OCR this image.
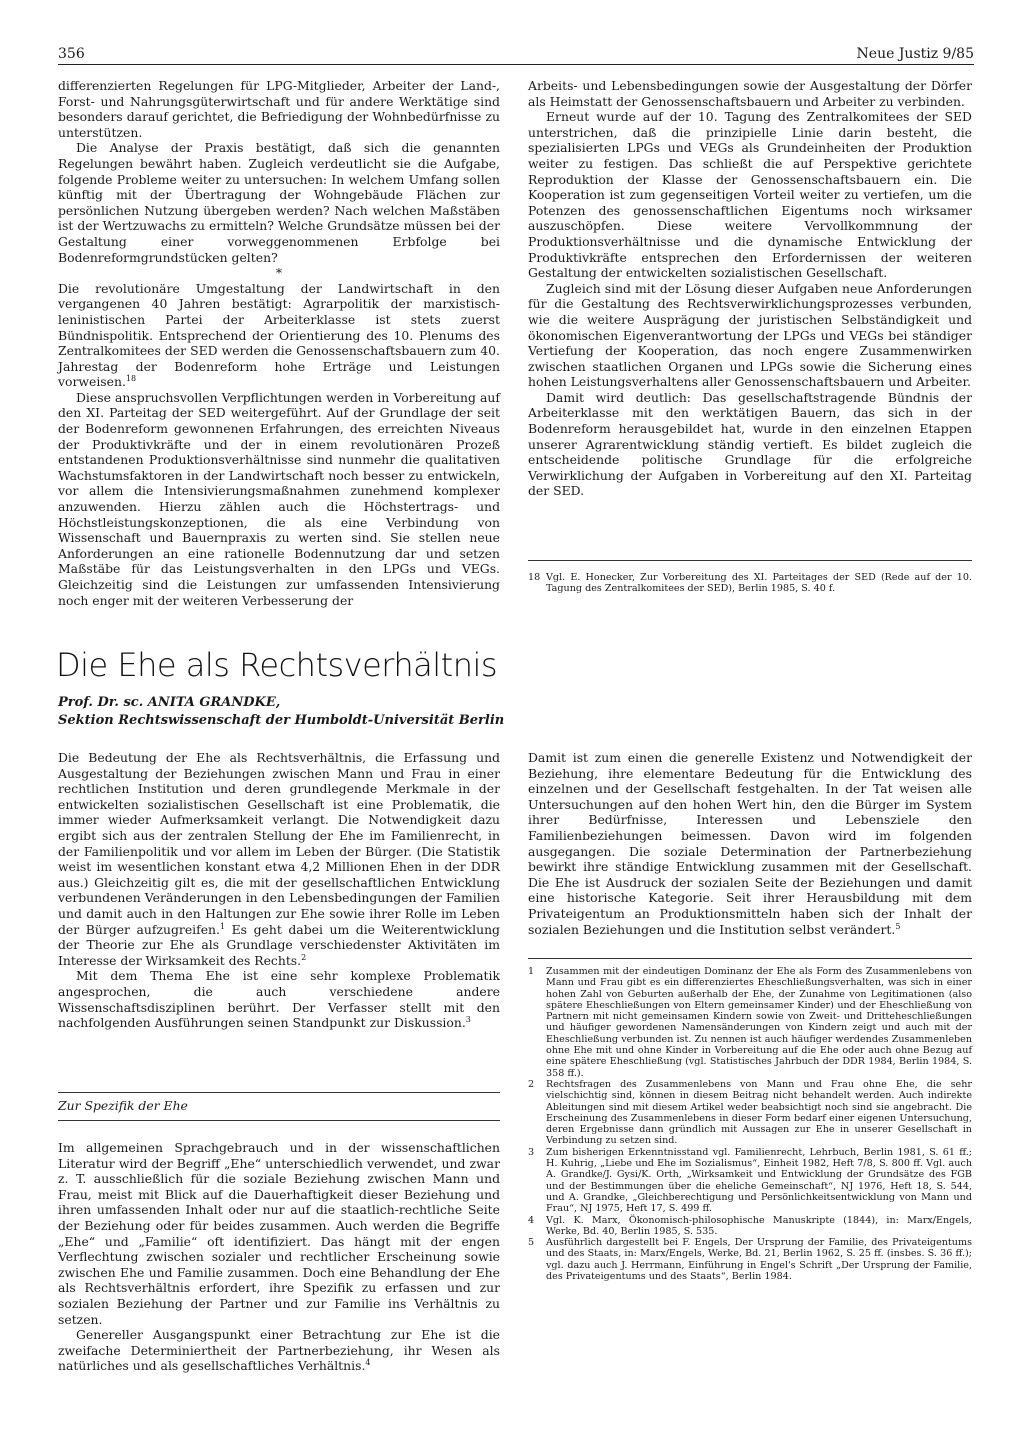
356	Neue Justiz 9/85

differenzierten Regelungen für LPG-Mitglieder, Arbeiter der Land-, Forst- und Nahrungsgüterwirtschaft und für andere Werktätige sind besonders darauf gerichtet, die Befriedigung der Wohnbedürfnisse zu unterstützen.

Die Analyse der Praxis bestätigt, daß sich die genannten Regelungen bewährt haben. Zugleich verdeutlicht sie die Aufgabe, folgende Probleme weiter zu untersuchen: In welchem Umfang sollen künftig mit der Übertragung der Wohngebäude Flächen zur persönlichen Nutzung übergeben werden? Nach welchen Maßstäben ist der Wertzuwachs zu ermitteln? Welche Grundsätze müssen bei der Gestaltung einer vorweggenommenen Erbfolge bei Bodenreformgrundstücken gelten?

*

Die revolutionäre Umgestaltung der Landwirtschaft in den vergangenen 40 Jahren bestätigt: Agrarpolitik der marxistisch-leninistischen Partei der Arbeiterklasse ist stets zuerst Bündnispolitik. Entsprechend der Orientierung des 10. Plenums des Zentralkomitees der SED werden die Genossenschaftsbauern zum 40. Jahrestag der Bodenreform hohe Erträge und Leistungen vorweisen.$^{18}$

Diese anspruchsvollen Verpflichtungen werden in Vorbereitung auf den XI. Parteitag der SED weitergeführt. Auf der Grundlage der seit der Bodenreform gewonnenen Erfahrungen, des erreichten Niveaus der Produktivkräfte und der in einem revolutionären Prozeß entstandenen Produktionsverhältnisse sind nunmehr die qualitativen Wachstumsfaktoren in der Landwirtschaft noch besser zu entwickeln, vor allem die Intensivierungsmaßnahmen zunehmend komplexer anzuwenden. Hierzu zählen auch die Höchstertrags- und Höchstleistungskonzeptionen, die als eine Verbindung von Wissenschaft und Bauernpraxis zu werten sind. Sie stellen neue Anforderungen an eine rationelle Bodennutzung dar und setzen Maßstäbe für das Leistungsverhalten in den LPGs und VEGs. Gleichzeitig sind die Leistungen zur umfassenden Intensivierung noch enger mit der weiteren Verbesserung der

Arbeits- und Lebensbedingungen sowie der Ausgestaltung der Dörfer als Heimstatt der Genossenschaftsbauern und Arbeiter zu verbinden.

Erneut wurde auf der 10. Tagung des Zentralkomitees der SED unterstrichen, daß die prinzipielle Linie darin besteht, die spezialisierten LPGs und VEGs als Grundeinheiten der Produktion weiter zu festigen. Das schließt die auf Perspektive gerichtete Reproduktion der Klasse der Genossenschaftsbauern ein. Die Kooperation ist zum gegenseitigen Vorteil weiter zu vertiefen, um die Potenzen des genossenschaftlichen Eigentums noch wirksamer auszuschöpfen. Diese weitere Vervollkommnung der Produktionsverhältnisse und die dynamische Entwicklung der Produktivkräfte entsprechen den Erfordernissen der weiteren Gestaltung der entwickelten sozialistischen Gesellschaft.

Zugleich sind mit der Lösung dieser Aufgaben neue Anforderungen für die Gestaltung des Rechtsverwirklichungsprozesses verbunden, wie die weitere Ausprägung der juristischen Selbständigkeit und ökonomischen Eigenverantwortung der LPGs und VEGs bei ständiger Vertiefung der Kooperation, das noch engere Zusammenwirken zwischen staatlichen Organen und LPGs sowie die Sicherung eines hohen Leistungsverhaltens aller Genossenschaftsbauern und Arbeiter.

Damit wird deutlich: Das gesellschaftstragende Bündnis der Arbeiterklasse mit den werktätigen Bauern, das sich in der Bodenreform herausgebildet hat, wurde in den einzelnen Etappen unserer Agrarentwicklung ständig vertieft. Es bildet zugleich die entscheidende politische Grundlage für die erfolgreiche Verwirklichung der Aufgaben in Vorbereitung auf den XI. Parteitag der SED.

18 Vgl. E. Honecker, Zur Vorbereitung des XI. Parteitages der SED (Rede auf der 10. Tagung des Zentralkomitees der SED), Berlin 1985, S. 40 f.
Die Ehe als Rechtsverhältnis
Prof. Dr. sc. ANITA GRANDKE,
Sektion Rechtswissenschaft der Humboldt-Universität Berlin

Die Bedeutung der Ehe als Rechtsverhältnis, die Erfassung und Ausgestaltung der Beziehungen zwischen Mann und Frau in einer rechtlichen Institution und deren grundlegende Merkmale in der entwickelten sozialistischen Gesellschaft ist eine Problematik, die immer wieder Aufmerksamkeit verlangt. Die Notwendigkeit dazu ergibt sich aus der zentralen Stellung der Ehe im Familienrecht, in der Familienpolitik und vor allem im Leben der Bürger. (Die Statistik weist im wesentlichen konstant etwa 4,2 Millionen Ehen in der DDR aus.) Gleichzeitig gilt es, die mit der gesellschaftlichen Entwicklung verbundenen Veränderungen in den Lebensbedingungen der Familien und damit auch in den Haltungen zur Ehe sowie ihrer Rolle im Leben der Bürger aufzugreifen.$^1$ Es geht dabei um die Weiterentwicklung der Theorie zur Ehe als Grundlage verschiedenster Aktivitäten im Interesse der Wirksamkeit des Rechts.$^2$

Mit dem Thema Ehe ist eine sehr komplexe Problematik angesprochen, die auch verschiedene andere Wissenschaftsdisziplinen berührt. Der Verfasser stellt mit den nachfolgenden Ausführungen seinen Standpunkt zur Diskussion.$^3$

Zur Spezifik der Ehe

Im allgemeinen Sprachgebrauch und in der wissenschaftlichen Literatur wird der Begriff „Ehe“ unterschiedlich verwendet, und zwar z. T. ausschließlich für die soziale Beziehung zwischen Mann und Frau, meist mit Blick auf die Dauerhaftigkeit dieser Beziehung und ihren umfassenden Inhalt oder nur auf die staatlich-rechtliche Seite der Beziehung oder für beides zusammen. Auch werden die Begriffe „Ehe“ und „Familie“ oft identifiziert. Das hängt mit der engen Verflechtung zwischen sozialer und rechtlicher Erscheinung sowie zwischen Ehe und Familie zusammen. Doch eine Behandlung der Ehe als Rechtsverhältnis erfordert, ihre Spezifik zu erfassen und zur sozialen Beziehung der Partner und zur Familie ins Verhältnis zu setzen.

Genereller Ausgangspunkt einer Betrachtung zur Ehe ist die zweifache Determiniertheit der Partnerbeziehung, ihr Wesen als natürliches und als gesellschaftliches Verhältnis.$^4$

Damit ist zum einen die generelle Existenz und Notwendigkeit der Beziehung, ihre elementare Bedeutung für die Entwicklung des einzelnen und der Gesellschaft festgehalten. In der Tat weisen alle Untersuchungen auf den hohen Wert hin, den die Bürger im System ihrer Bedürfnisse, Interessen und Lebensziele den Familienbeziehungen beimessen. Davon wird im folgenden ausgegangen. Die soziale Determination der Partnerbeziehung bewirkt ihre ständige Entwicklung zusammen mit der Gesellschaft. Die Ehe ist Ausdruck der sozialen Seite der Beziehungen und damit eine historische Kategorie. Seit ihrer Herausbildung mit dem Privateigentum an Produktionsmitteln haben sich der Inhalt der sozialen Beziehungen und die Institution selbst verändert.$^5$

1	Zusammen mit der eindeutigen Dominanz der Ehe als Form des Zusammenlebens von Mann und Frau gibt es ein differenziertes Eheschließungsverhalten, was sich in einer hohen Zahl von Geburten außerhalb der Ehe, der Zunahme von Legitimationen (also spätere Eheschließungen von Eltern gemeinsamer Kinder) und der Eheschließung von Partnern mit nicht gemeinsamen Kindern sowie von Zweit- und Dritteheschließungen und häufiger gewordenen Namensänderungen von Kindern zeigt und auch mit der Eheschließung verbunden ist. Zu nennen ist auch häufiger werdendes Zusammenleben ohne Ehe mit und ohne Kinder in Vorbereitung auf die Ehe oder auch ohne Bezug auf eine spätere Eheschließung (vgl. Statistisches Jahrbuch der DDR 1984, Berlin 1984, S. 358 ff.).
2	Rechtsfragen des Zusammenlebens von Mann und Frau ohne Ehe, die sehr vielschichtig sind, können in diesem Beitrag nicht behandelt werden. Auch indirekte Ableitungen sind mit diesem Artikel weder beabsichtigt noch sind sie angebracht. Die Erscheinung des Zusammenlebens in dieser Form bedarf einer eigenen Untersuchung, deren Ergebnisse dann gründlich mit Aussagen zur Ehe in unserer Gesellschaft in Verbindung zu setzen sind.
3	Zum bisherigen Erkenntnisstand vgl. Familienrecht, Lehrbuch, Berlin 1981, S. 61 ff.; H. Kuhrig, „Liebe und Ehe im Sozialismus“, Einheit 1982, Heft 7/8, S. 800 ff. Vgl. auch A. Grandke/J. Gysi/K. Orth, „Wirksamkeit und Entwicklung der Grundsätze des FGB und der Bestimmungen über die eheliche Gemeinschaft“, NJ 1976, Heft 18, S. 544, und A. Grandke, „Gleichberechtigung und Persönlichkeitsentwicklung von Mann und Frau“, NJ 1975, Heft 17, S. 499 ff.
4	Vgl. K. Marx, Ökonomisch-philosophische Manuskripte (1844), in: Marx/Engels, Werke, Bd. 40, Berlin 1985, S. 535.
5	Ausführlich dargestellt bei F. Engels, Der Ursprung der Familie, des Privateigentums und des Staats, in: Marx/Engels, Werke, Bd. 21, Berlin 1962, S. 25 ff. (insbes. S. 36 ff.); vgl. dazu auch J. Herrmann, Einführung in Engel's Schrift „Der Ursprung der Familie, des Privateigentums und des Staats“, Berlin 1984.
